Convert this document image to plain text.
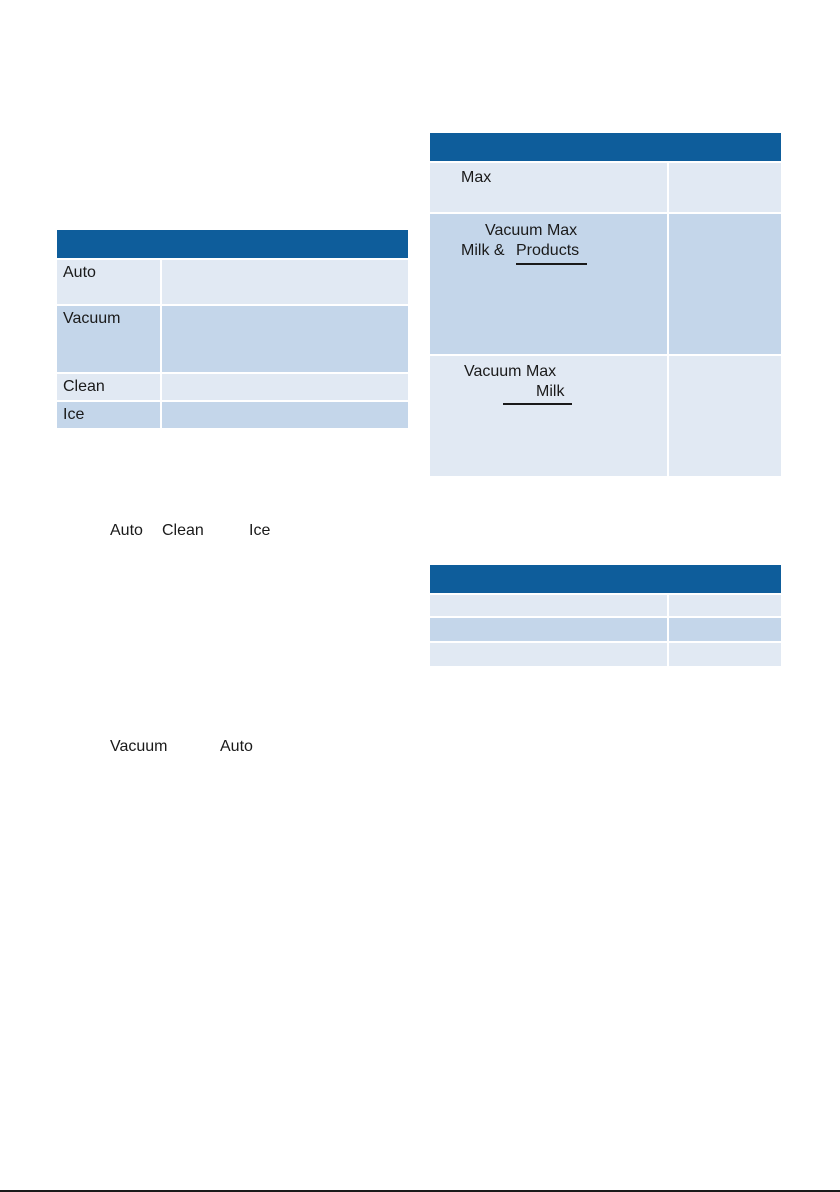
Auto
Vacuum
Clean
Ice
Auto Clean	Ice
Vacuum	Auto
Max
Vacuum Max
Milk & Products
Vacuum Max
Milk
